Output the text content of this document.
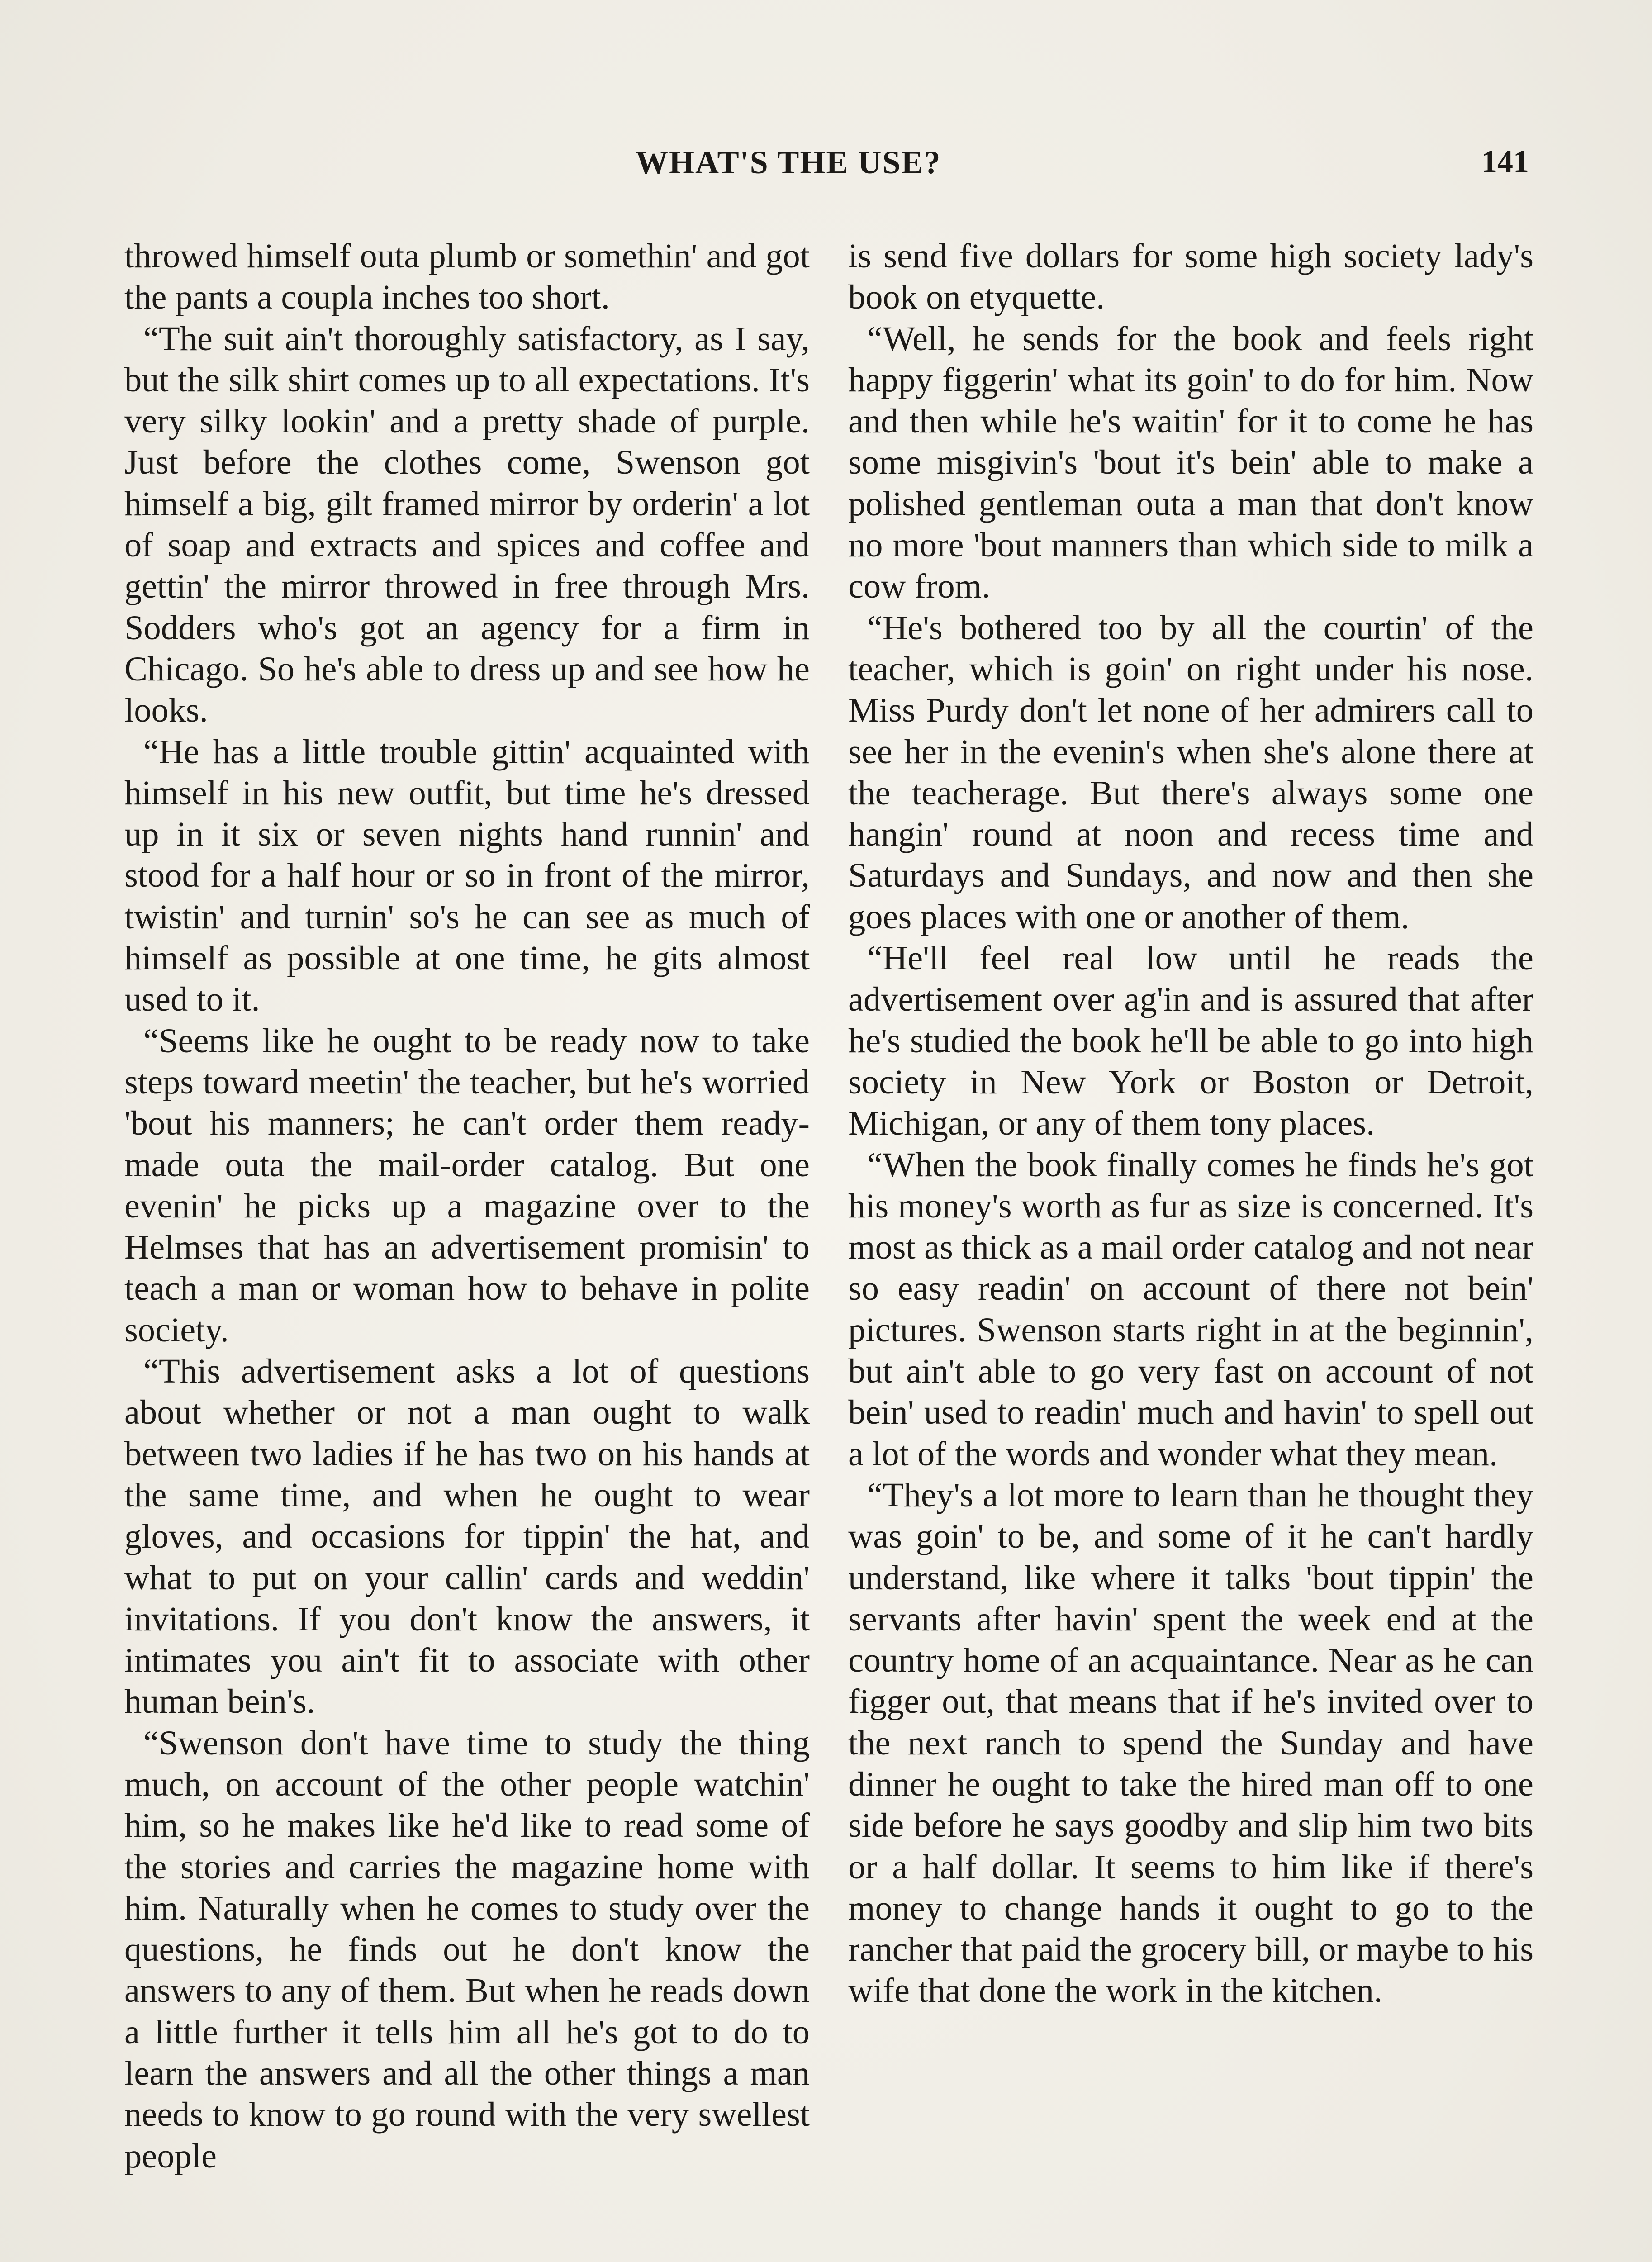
WHAT'S THE USE?	141

throwed himself outa plumb or somethin' and got the pants a coupla inches too short.

“The suit ain't thoroughly satisfactory, as I say, but the silk shirt comes up to all expectations. It's very silky lookin' and a pretty shade of purple. Just before the clothes come, Swenson got himself a big, gilt framed mirror by orderin' a lot of soap and extracts and spices and coffee and gettin' the mirror throwed in free through Mrs. Sodders who's got an agency for a firm in Chicago. So he's able to dress up and see how he looks.

“He has a little trouble gittin' acquainted with himself in his new outfit, but time he's dressed up in it six or seven nights hand runnin' and stood for a half hour or so in front of the mirror, twistin' and turnin' so's he can see as much of himself as possible at one time, he gits almost used to it.

“Seems like he ought to be ready now to take steps toward meetin' the teacher, but he's worried 'bout his manners; he can't order them ready-made outa the mail-order catalog. But one evenin' he picks up a magazine over to the Helmses that has an advertisement promisin' to teach a man or woman how to behave in polite society.

“This advertisement asks a lot of questions about whether or not a man ought to walk between two ladies if he has two on his hands at the same time, and when he ought to wear gloves, and occasions for tippin' the hat, and what to put on your callin' cards and weddin' invitations. If you don't know the answers, it intimates you ain't fit to associate with other human bein's.

“Swenson don't have time to study the thing much, on account of the other people watchin' him, so he makes like he'd like to read some of the stories and carries the magazine home with him. Naturally when he comes to study over the questions, he finds out he don't know the answers to any of them. But when he reads down a little further it tells him all he's got to do to learn the answers and all the other things a man needs to know to go round with the very swellest people

is send five dollars for some high society lady's book on etyquette.

“Well, he sends for the book and feels right happy figgerin' what its goin' to do for him. Now and then while he's waitin' for it to come he has some misgivin's 'bout it's bein' able to make a polished gentleman outa a man that don't know no more 'bout manners than which side to milk a cow from.

“He's bothered too by all the courtin' of the teacher, which is goin' on right under his nose. Miss Purdy don't let none of her admirers call to see her in the evenin's when she's alone there at the teacherage. But there's always some one hangin' round at noon and recess time and Saturdays and Sundays, and now and then she goes places with one or another of them.

“He'll feel real low until he reads the advertisement over ag'in and is assured that after he's studied the book he'll be able to go into high society in New York or Boston or Detroit, Michigan, or any of them tony places.

“When the book finally comes he finds he's got his money's worth as fur as size is concerned. It's most as thick as a mail order catalog and not near so easy readin' on account of there not bein' pictures. Swenson starts right in at the beginnin', but ain't able to go very fast on account of not bein' used to readin' much and havin' to spell out a lot of the words and wonder what they mean.

“They's a lot more to learn than he thought they was goin' to be, and some of it he can't hardly understand, like where it talks 'bout tippin' the servants after havin' spent the week end at the country home of an acquaintance. Near as he can figger out, that means that if he's invited over to the next ranch to spend the Sunday and have dinner he ought to take the hired man off to one side before he says goodby and slip him two bits or a half dollar. It seems to him like if there's money to change hands it ought to go to the rancher that paid the grocery bill, or maybe to his wife that done the work in the kitchen.
